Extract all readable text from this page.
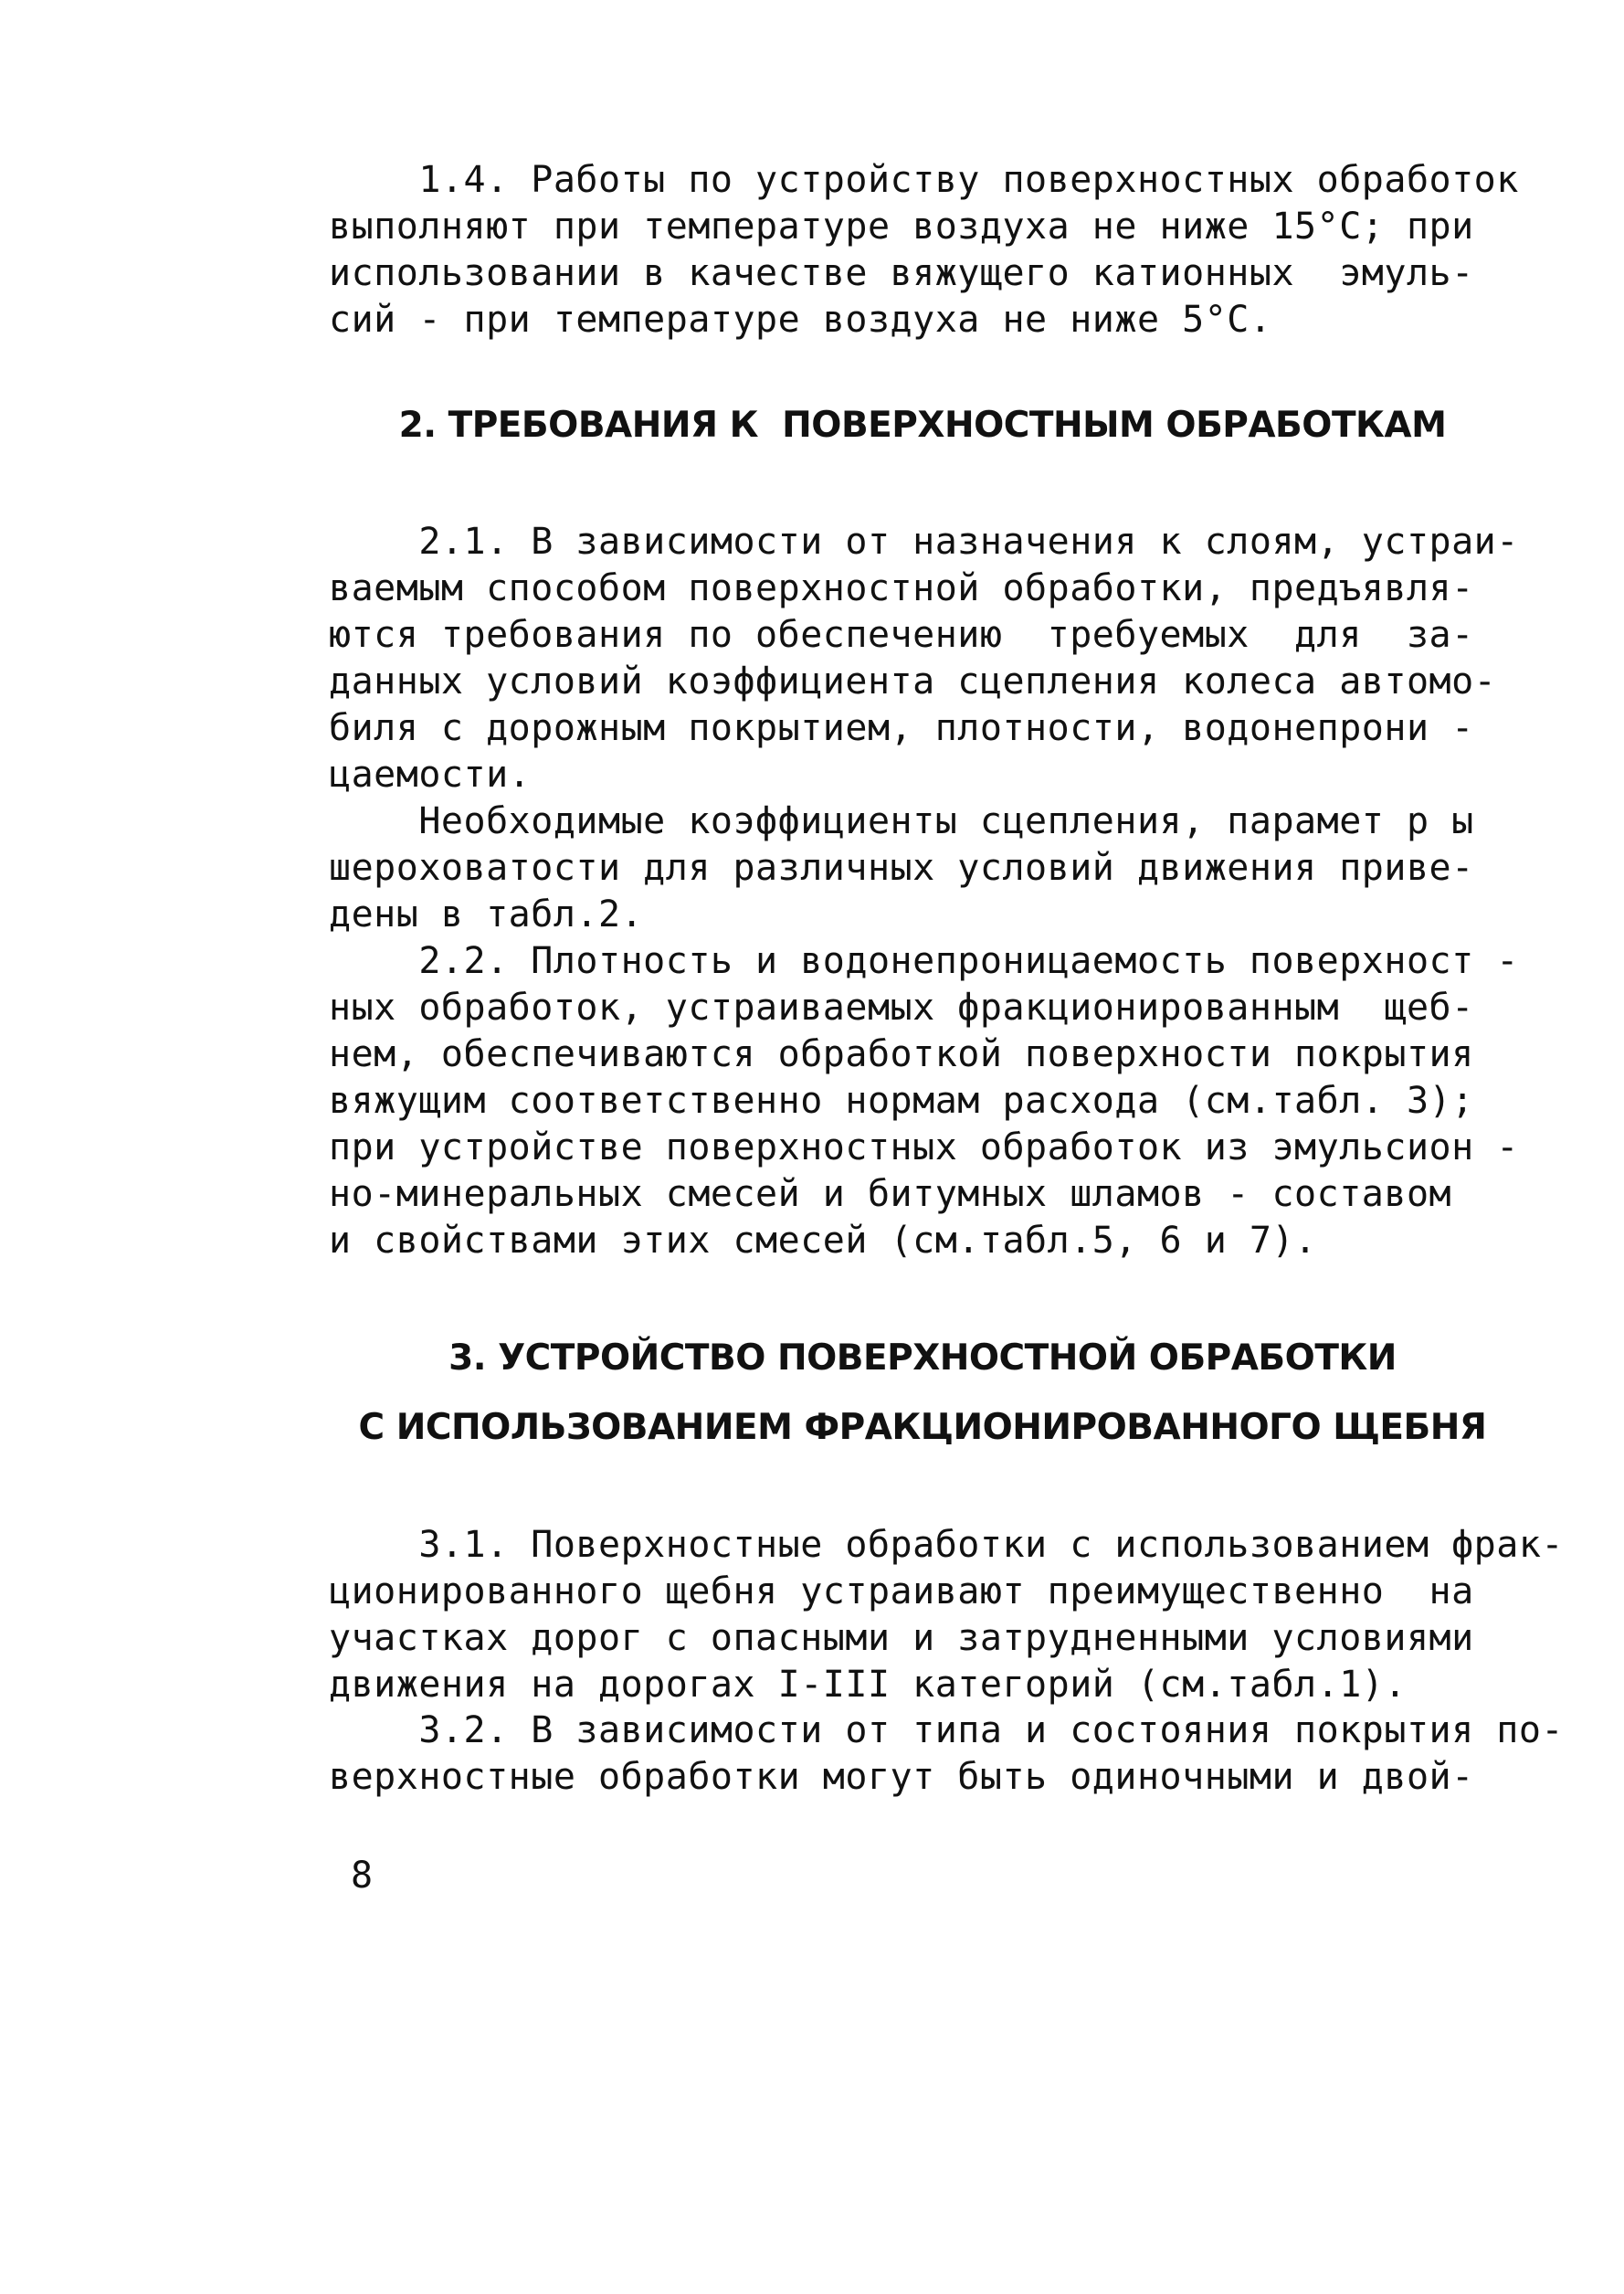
1.4. Работы по устройству поверхностных обработок
выполняют при температуре воздуха не ниже 15°С; при
использовании в качестве вяжущего катионных  эмуль-
сий - при температуре воздуха не ниже 5°С.

2. ТРЕБОВАНИЯ К  ПОВЕРХНОСТНЫМ ОБРАБОТКАМ

2.1. В зависимости от назначения к слоям, устраи-
ваемым способом поверхностной обработки, предъявля-
ются требования по обеспечению  требуемых  для  за-
данных условий коэффициента сцепления колеса автомо-
биля с дорожным покрытием, плотности, водонепрони -
цаемости.

Необходимые коэффициенты сцепления, парамет р ы
шероховатости для различных условий движения приве-
дены в табл.2.

2.2. Плотность и водонепроницаемость поверхност -
ных обработок, устраиваемых фракционированным  щеб-
нем, обеспечиваются обработкой поверхности покрытия
вяжущим соответственно нормам расхода (см.табл. 3);
при устройстве поверхностных обработок из эмульсион -
но-минеральных смесей и битумных шламов - составом
и свойствами этих смесей (см.табл.5, 6 и 7).

3. УСТРОЙСТВО ПОВЕРХНОСТНОЙ ОБРАБОТКИ
С ИСПОЛЬЗОВАНИЕМ ФРАКЦИОНИРОВАННОГО ЩЕБНЯ

3.1. Поверхностные обработки с использованием фрак-
ционированного щебня устраивают преимущественно  на
участках дорог с опасными и затрудненными условиями
движения на дорогах I-III категорий (см.табл.1).

3.2. В зависимости от типа и состояния покрытия по-
верхностные обработки могут быть одиночными и двой-

8
